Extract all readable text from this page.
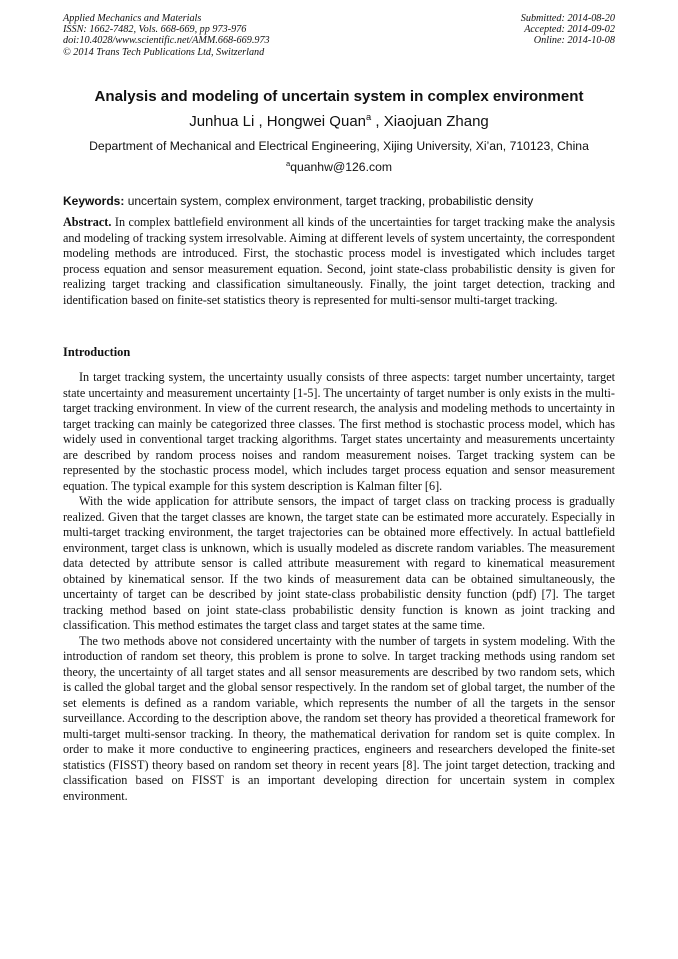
Applied Mechanics and Materials
ISSN: 1662-7482, Vols. 668-669, pp 973-976
doi:10.4028/www.scientific.net/AMM.668-669.973
© 2014 Trans Tech Publications Ltd, Switzerland
Submitted: 2014-08-20
Accepted: 2014-09-02
Online: 2014-10-08
Analysis and modeling of uncertain system in complex environment
Junhua Li , Hongwei Quan$^a$ , Xiaojuan Zhang
Department of Mechanical and Electrical Engineering, Xijing University, Xi’an, 710123, China
$^a$quanhw@126.com
Keywords: uncertain system, complex environment, target tracking, probabilistic density
Abstract. In complex battlefield environment all kinds of the uncertainties for target tracking make the analysis and modeling of tracking system irresolvable. Aiming at different levels of system uncertainty, the correspondent modeling methods are introduced. First, the stochastic process model is investigated which includes target process equation and sensor measurement equation. Second, joint state-class probabilistic density is given for realizing target tracking and classification simultaneously. Finally, the joint target detection, tracking and identification based on finite-set statistics theory is represented for multi-sensor multi-target tracking.
Introduction

In target tracking system, the uncertainty usually consists of three aspects: target number uncertainty, target state uncertainty and measurement uncertainty [1-5]. The uncertainty of target number is only exists in the multi-target tracking environment. In view of the current research, the analysis and modeling methods to uncertainty in target tracking can mainly be categorized three classes. The first method is stochastic process model, which has widely used in conventional target tracking algorithms. Target states uncertainty and measurements uncertainty are described by random process noises and random measurement noises. Target tracking system can be represented by the stochastic process model, which includes target process equation and sensor measurement equation. The typical example for this system description is Kalman filter [6].

With the wide application for attribute sensors, the impact of target class on tracking process is gradually realized. Given that the target classes are known, the target state can be estimated more accurately. Especially in multi-target tracking environment, the target trajectories can be obtained more effectively. In actual battlefield environment, target class is unknown, which is usually modeled as discrete random variables. The measurement data detected by attribute sensor is called attribute measurement with regard to kinematical measurement obtained by kinematical sensor. If the two kinds of measurement data can be obtained simultaneously, the uncertainty of target can be described by joint state-class probabilistic density function (pdf) [7]. The target tracking method based on joint state-class probabilistic density function is known as joint tracking and classification. This method estimates the target class and target states at the same time.

The two methods above not considered uncertainty with the number of targets in system modeling. With the introduction of random set theory, this problem is prone to solve. In target tracking methods using random set theory, the uncertainty of all target states and all sensor measurements are described by two random sets, which is called the global target and the global sensor respectively. In the random set of global target, the number of the set elements is defined as a random variable, which represents the number of all the targets in the sensor surveillance. According to the description above, the random set theory has provided a theoretical framework for multi-target multi-sensor tracking. In theory, the mathematical derivation for random set is quite complex. In order to make it more conductive to engineering practices, engineers and researchers developed the finite-set statistics (FISST) theory based on random set theory in recent years [8]. The joint target detection, tracking and classification based on FISST is an important developing direction for uncertain system in complex environment.
